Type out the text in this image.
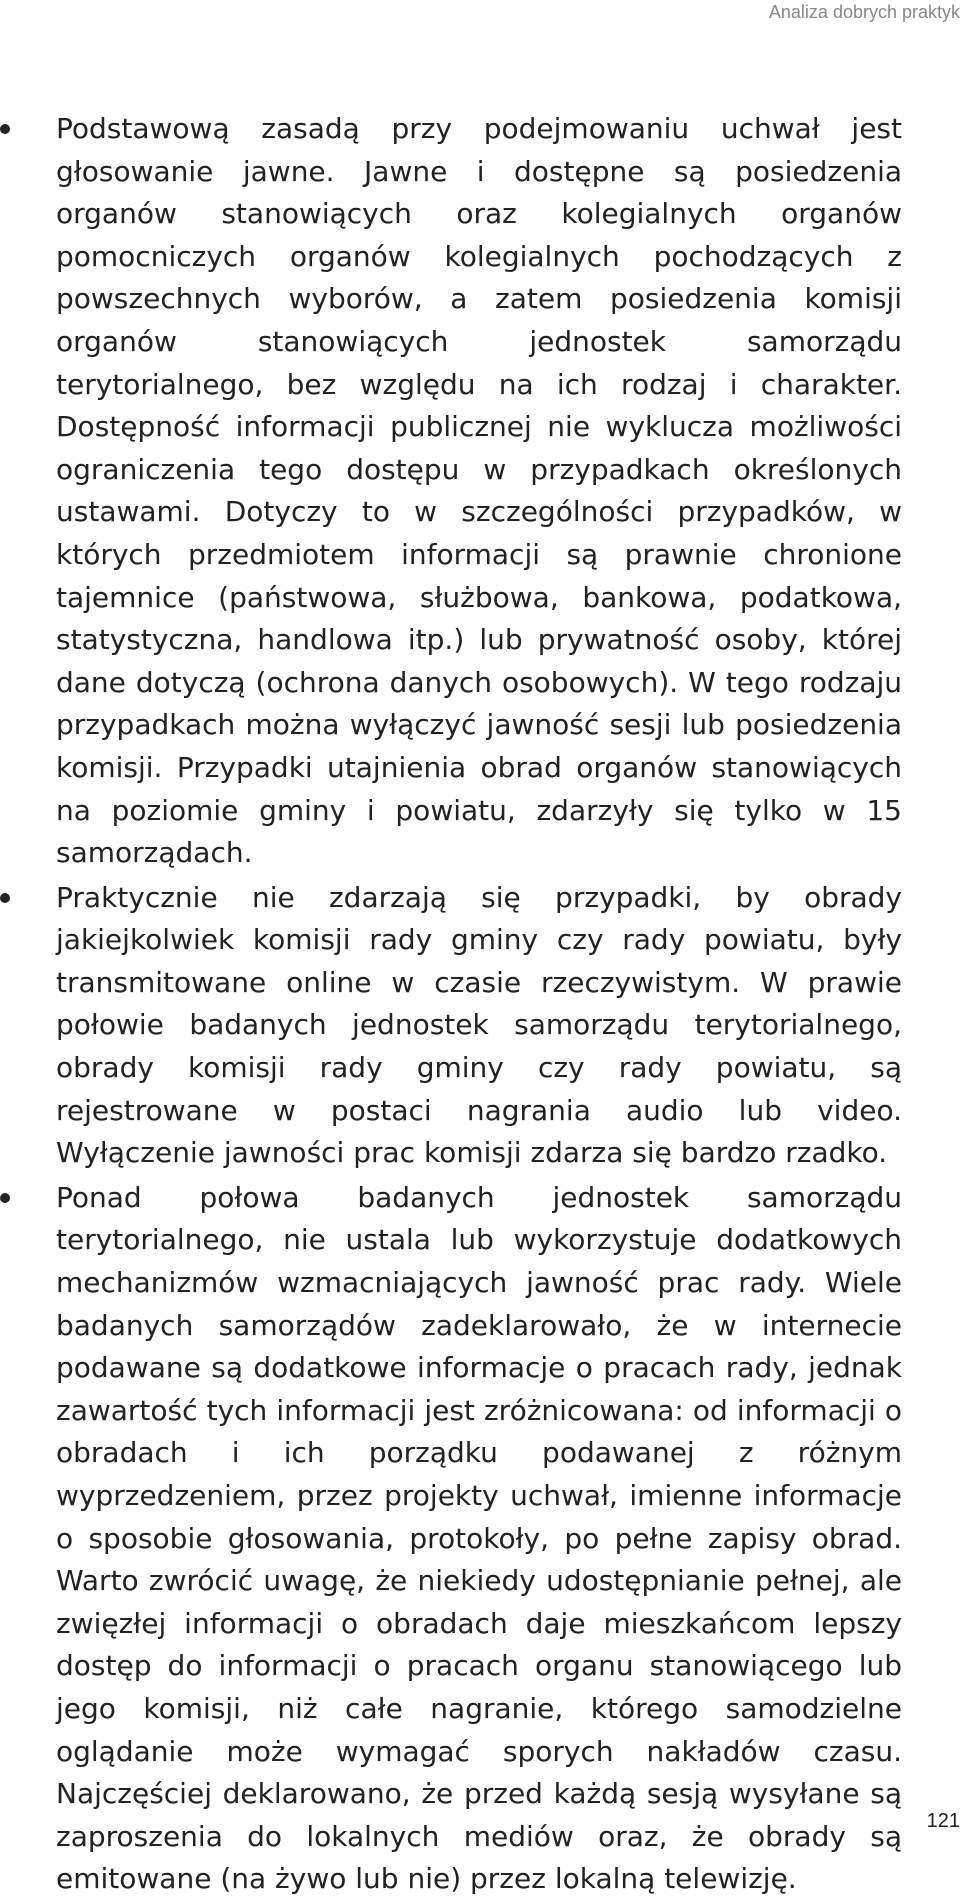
Analiza dobrych praktyk
Podstawową zasadą przy podejmowaniu uchwał jest głosowanie jawne. Jawne i dostępne są posiedzenia organów stanowiących oraz kolegialnych organów pomocniczych organów kolegialnych pochodzących z powszechnych wyborów, a zatem posiedzenia komisji organów stanowiących jednostek samorządu terytorialnego, bez względu na ich rodzaj i charakter. Dostępność informacji publicznej nie wyklucza możliwości ograniczenia tego dostępu w przypadkach określonych ustawami. Dotyczy to w szczególności przypadków, w których przedmiotem informacji są prawnie chronione tajemnice (państwowa, służbowa, bankowa, podatkowa, statystyczna, handlowa itp.) lub prywatność osoby, której dane dotyczą (ochrona danych osobowych). W tego rodzaju przypadkach można wyłączyć jawność sesji lub posiedzenia komisji. Przypadki utajnienia obrad organów stanowiących na poziomie gminy i powiatu, zdarzyły się tylko w 15 samorządach.
Praktycznie nie zdarzają się przypadki, by obrady jakiejkolwiek komisji rady gminy czy rady powiatu, były transmitowane online w czasie rzeczywistym. W prawie połowie badanych jednostek samorządu terytorialnego, obrady komisji rady gminy czy rady powiatu, są rejestrowane w postaci nagrania audio lub video. Wyłączenie jawności prac komisji zdarza się bardzo rzadko.
Ponad połowa badanych jednostek samorządu terytorialnego, nie ustala lub wykorzystuje dodatkowych mechanizmów wzmacniających jawność prac rady. Wiele badanych samorządów zadeklarowało, że w internecie podawane są dodatkowe informacje o pracach rady, jednak zawartość tych informacji jest zróżnicowana: od informacji o obradach i ich porządku podawanej z różnym wyprzedzeniem, przez projekty uchwał, imienne informacje o sposobie głosowania, protokoły, po pełne zapisy obrad. Warto zwrócić uwagę, że niekiedy udostępnianie pełnej, ale zwięzłej informacji o obradach daje mieszkańcom lepszy dostęp do informacji o pracach organu stanowiącego lub jego komisji, niż całe nagranie, którego samodzielne oglądanie może wymagać sporych nakładów czasu. Najczęściej deklarowano, że przed każdą sesją wysyłane są zaproszenia do lokalnych mediów oraz, że obrady są emitowane (na żywo lub nie) przez lokalną telewizję.
121
